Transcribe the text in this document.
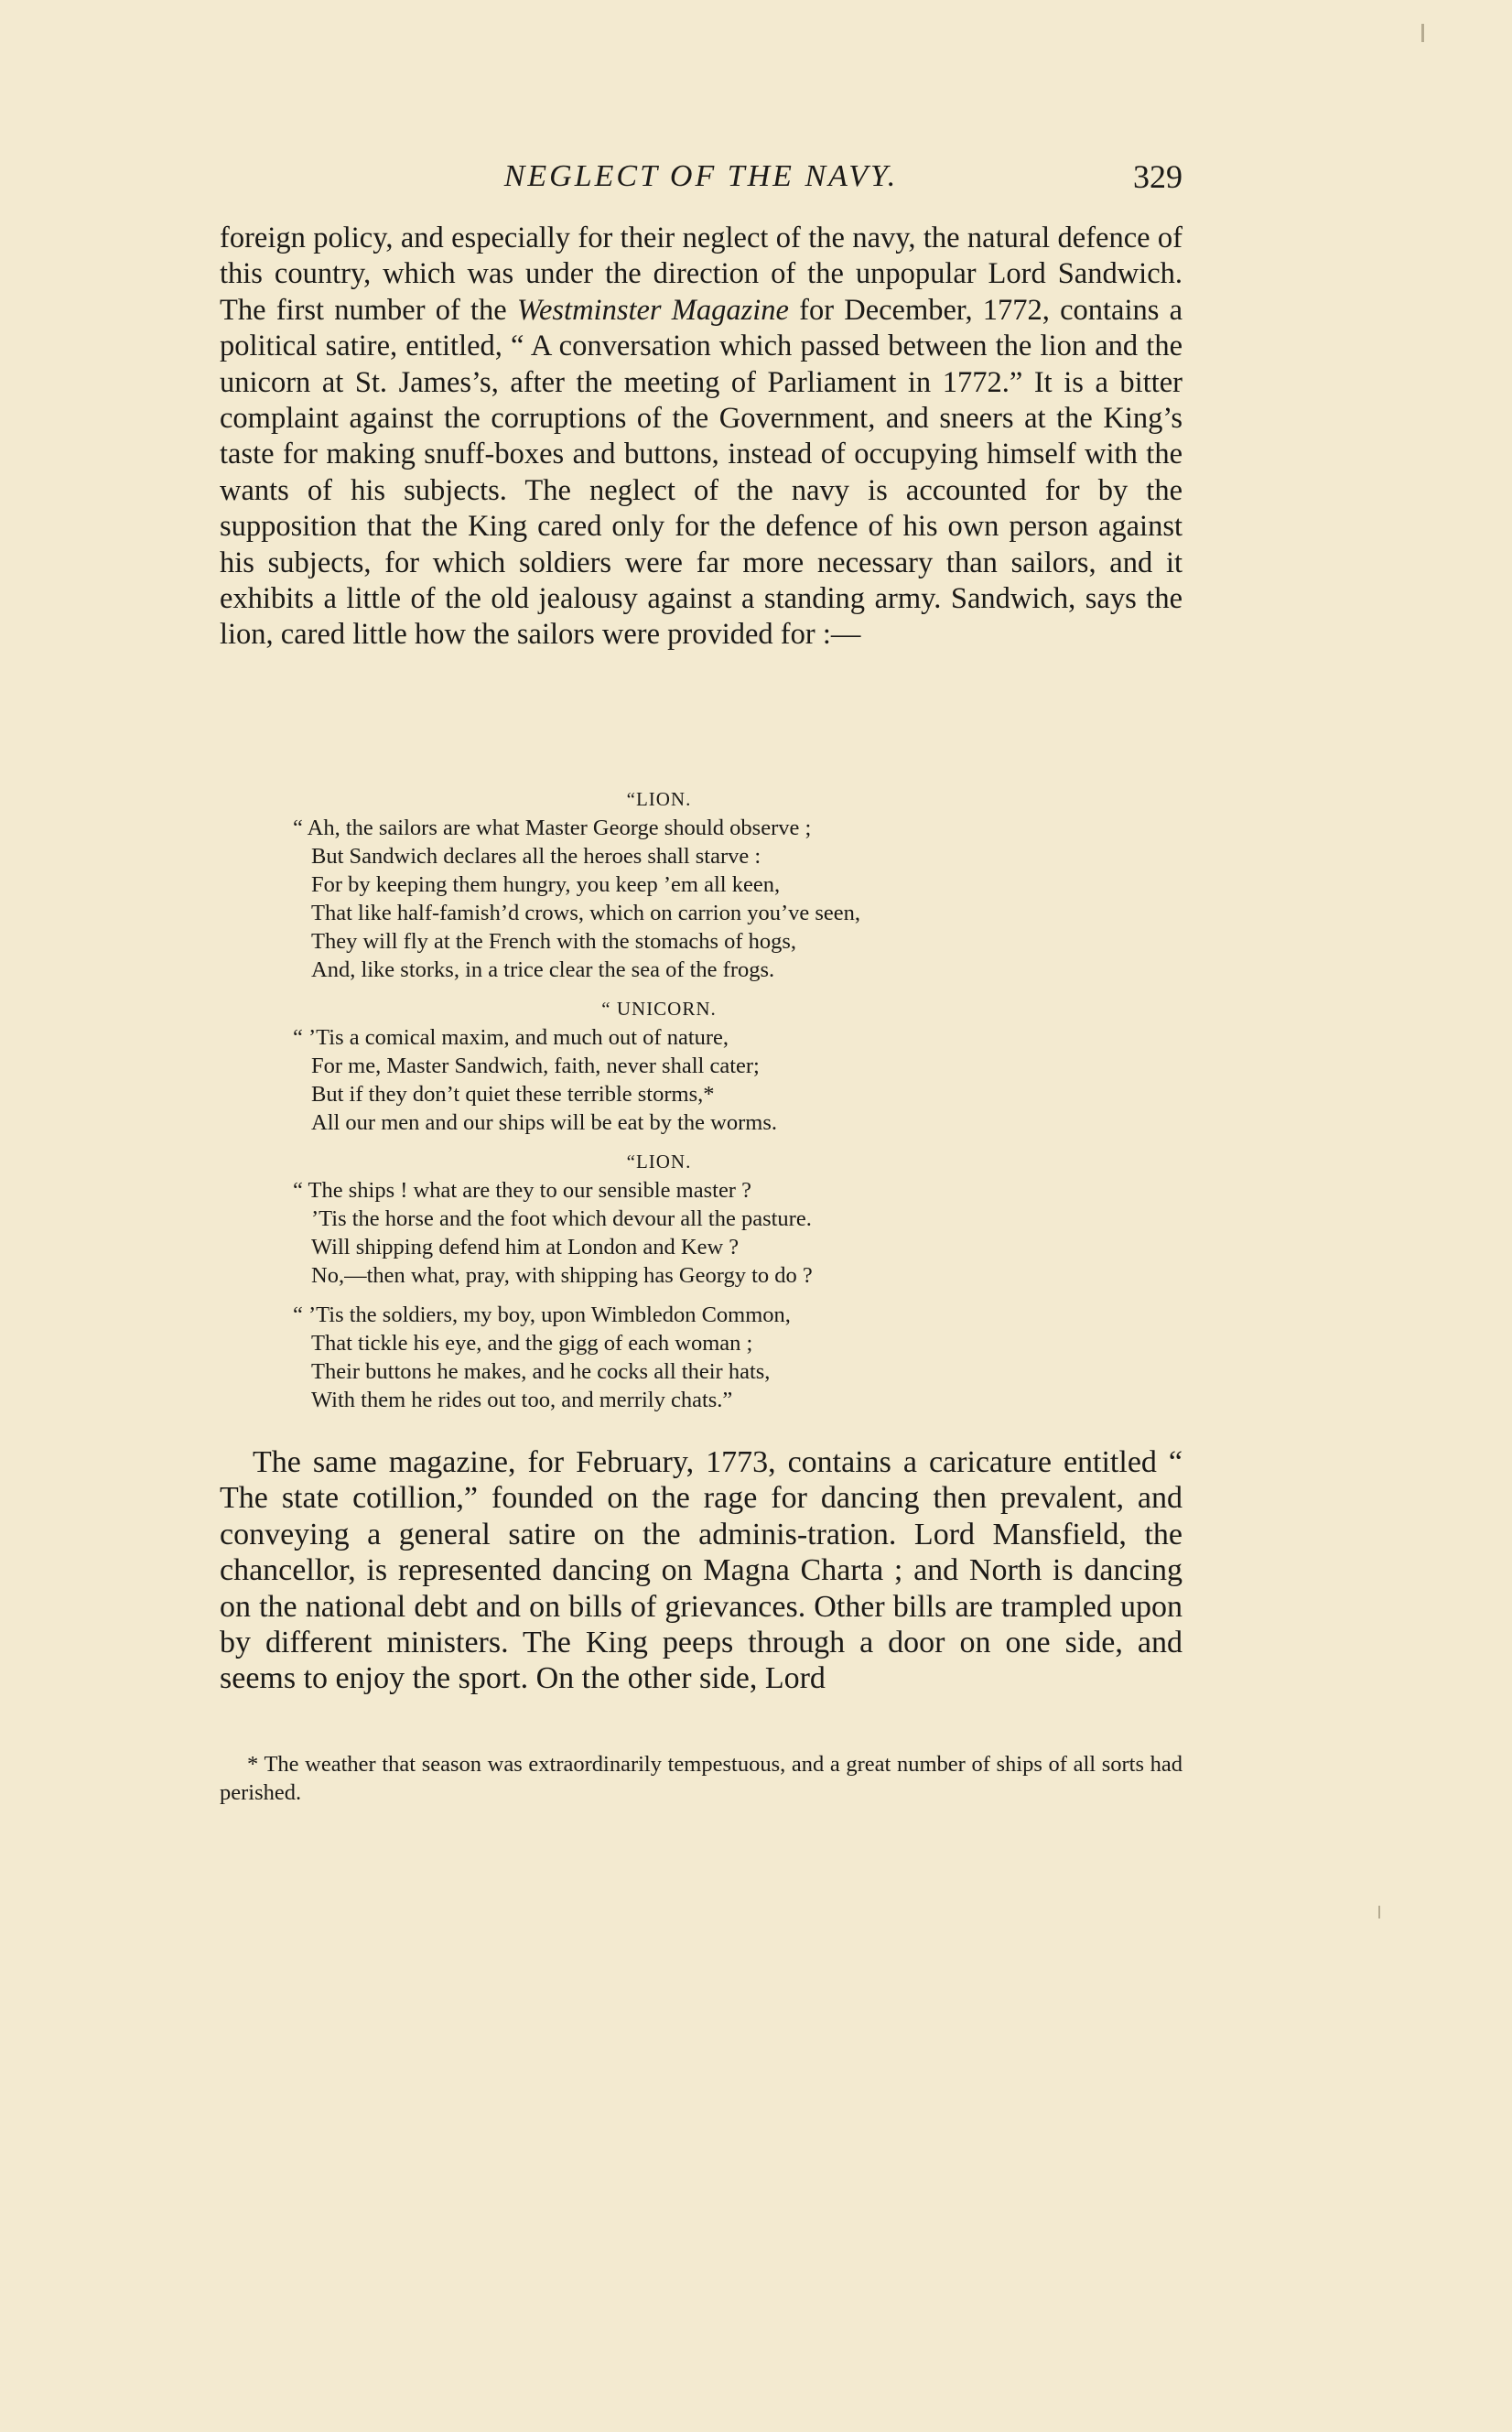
NEGLECT OF THE NAVY.	329

foreign policy, and especially for their neglect of the navy, the natural defence of this country, which was under the direction of the unpopular Lord Sandwich. The first number of the Westminster Magazine for December, 1772, contains a political satire, entitled, “ A conversation which passed between the lion and the unicorn at St. James’s, after the meeting of Parliament in 1772.” It is a bitter complaint against the corruptions of the Government, and sneers at the King’s taste for making snuff-boxes and buttons, instead of occupying himself with the wants of his subjects. The neglect of the navy is accounted for by the supposition that the King cared only for the defence of his own person against his subjects, for which soldiers were far more necessary than sailors, and it exhibits a little of the old jealousy against a standing army. Sandwich, says the lion, cared little how the sailors were provided for :—

“LION.
“ Ah, the sailors are what Master George should observe ;
But Sandwich declares all the heroes shall starve :
For by keeping them hungry, you keep ’em all keen,
That like half-famish’d crows, which on carrion you’ve seen,
They will fly at the French with the stomachs of hogs,
And, like storks, in a trice clear the sea of the frogs.
“ UNICORN.
“ ’Tis a comical maxim, and much out of nature,
For me, Master Sandwich, faith, never shall cater;
But if they don’t quiet these terrible storms,*
All our men and our ships will be eat by the worms.
“LION.
“ The ships ! what are they to our sensible master ?
’Tis the horse and the foot which devour all the pasture.
Will shipping defend him at London and Kew ?
No,—then what, pray, with shipping has Georgy to do ?
“ ’Tis the soldiers, my boy, upon Wimbledon Common,
That tickle his eye, and the gigg of each woman ;
Their buttons he makes, and he cocks all their hats,
With them he rides out too, and merrily chats.”

The same magazine, for February, 1773, contains a caricature entitled “ The state cotillion,” founded on the rage for dancing then prevalent, and conveying a general satire on the adminis-tration. Lord Mansfield, the chancellor, is represented dancing on Magna Charta ; and North is dancing on the national debt and on bills of grievances. Other bills are trampled upon by different ministers. The King peeps through a door on one side, and seems to enjoy the sport. On the other side, Lord

* The weather that season was extraordinarily tempestuous, and a great number of ships of all sorts had perished.
